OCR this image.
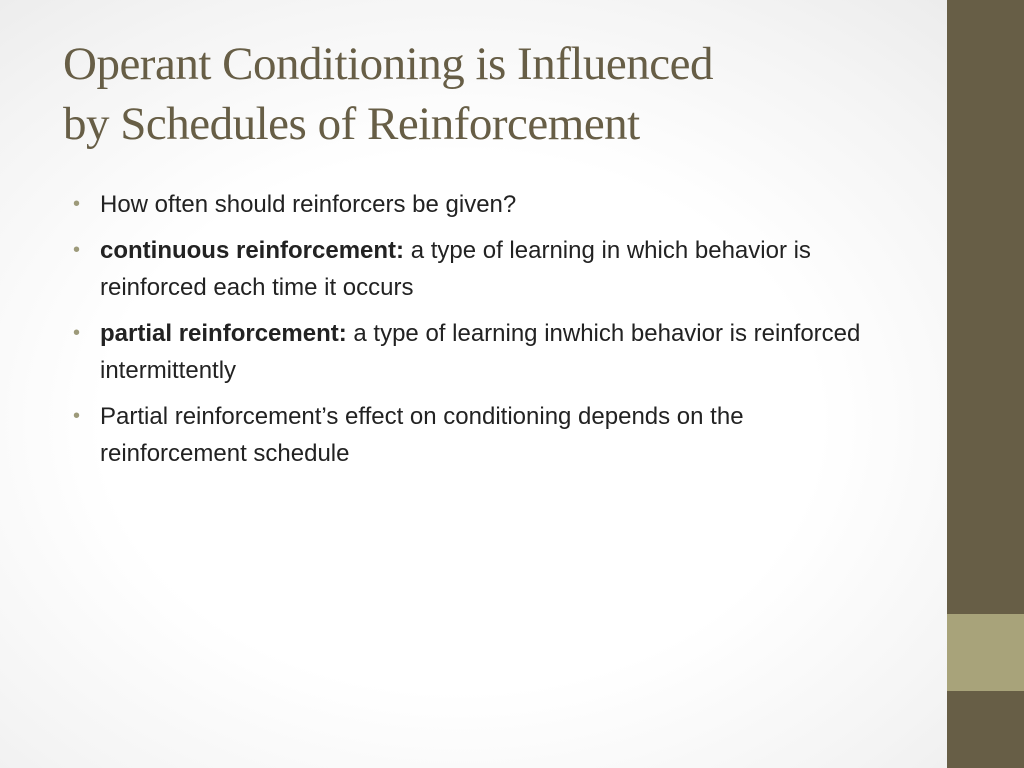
Operant Conditioning is Influenced
by Schedules of Reinforcement
• How often should reinforcers be given?
• continuous reinforcement: a type of learning in which behavior is reinforced each time it occurs
• partial reinforcement: a type of learning inwhich behavior is reinforced intermittently
• Partial reinforcement’s effect on conditioning depends on the reinforcement schedule
